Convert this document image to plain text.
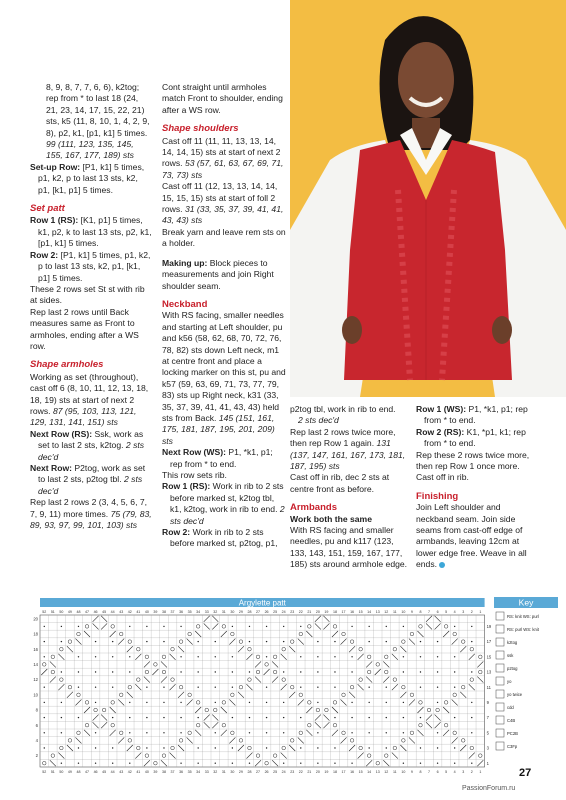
8, 9, 8, 7, 7, 6, 6), k2tog; rep from * to last 18 (24, 21, 23, 14, 17, 15, 22, 21) sts, k5 (11, 8, 10, 1, 4, 2, 9, 8), p2, k1, [p1, k1] 5 times. 99 (111, 123, 135, 145, 155, 167, 177, 189) sts

Set-up Row: [P1, k1] 5 times, p1, k2, p to last 13 sts, k2, p1, [k1, p1] 5 times.

Set patt

Row 1 (RS): [K1, p1] 5 times, k1, p2, k to last 13 sts, p2, k1, [p1, k1] 5 times.

Row 2: [P1, k1] 5 times, p1, k2, p to last 13 sts, k2, p1, [k1, p1] 5 times.

These 2 rows set St st with rib at sides.

Rep last 2 rows until Back measures same as Front to armholes, ending after a WS row.

Shape armholes

Working as set (throughout), cast off 6 (8, 10, 11, 12, 13, 18, 18, 19) sts at start of next 2 rows. 87 (95, 103, 113, 121, 129, 131, 141, 151) sts

Next Row (RS): Ssk, work as set to last 2 sts, k2tog. 2 sts dec'd

Next Row: P2tog, work as set to last 2 sts, p2tog tbl. 2 sts dec'd

Rep last 2 rows 2 (3, 4, 5, 6, 7, 7, 9, 11) more times. 75 (79, 83, 89, 93, 97, 99, 101, 103) sts

Cont straight until armholes match Front to shoulder, ending after a WS row.

Shape shoulders

Cast off 11 (11, 11, 13, 13, 14, 14, 14, 15) sts at start of next 2 rows. 53 (57, 61, 63, 67, 69, 71, 73, 73) sts

Cast off 11 (12, 13, 13, 14, 14, 15, 15, 15) sts at start of foll 2 rows. 31 (33, 35, 37, 39, 41, 41, 43, 43) sts

Break yarn and leave rem sts on a holder.

Making up: Block pieces to measurements and join Right shoulder seam.

Neckband

With RS facing, smaller needles and starting at Left shoulder, pu and k56 (58, 62, 68, 70, 72, 76, 78, 82) sts down Left neck, m1 at centre front and place a locking marker on this st, pu and k57 (59, 63, 69, 71, 73, 77, 79, 83) sts up Right neck, k31 (33, 35, 37, 39, 41, 41, 43, 43) held sts from Back. 145 (151, 161, 175, 181, 187, 195, 201, 209) sts

Next Row (WS): P1, *k1, p1; rep from * to end.

This row sets rib.

Row 1 (RS): Work in rib to 2 sts before marked st, k2tog tbl, k1, k2tog, work in rib to end. 2 sts dec'd

Row 2: Work in rib to 2 sts before marked st, p2tog, p1,

p2tog tbl, work in rib to end.
2 sts dec'd

Rep last 2 rows twice more, then rep Row 1 again. 131 (137, 147, 161, 167, 173, 181, 187, 195) sts

Cast off in rib, dec 2 sts at centre front as before.

Armbands

Work both the same

With RS facing and smaller needles, pu and k117 (123, 133, 143, 151, 159, 167, 177, 185) sts around armhole edge.

Row 1 (WS): P1, *k1, p1; rep from * to end.

Row 2 (RS): K1, *p1, k1; rep from * to end.

Rep these 2 rows twice more, then rep Row 1 once more. Cast off in rib.

Finishing

Join Left shoulder and neckband seam. Join side seams from cast-off edge of armbands, leaving 12cm at lower edge free. Weave in all ends.

Argylette patt
52 51 50 49 48 47 46 45 44 43 42 41 40 39 38 37 36 35 34 33 32 31 30 29 28 27 26 25 24 23 22 21 20 19 18 17 16 15 14 13 12 11 10 9 8 7 6 5 4 3 2 1
20
18
16
14
12
10
8
6
4
2
19
17
15
13
11
9
7
5
3
1
52 51 50 49 48 47 46 45 44 43 42 41 40 39 38 37 36 35 34 33 32 31 30 29 28 27 26 25 24 23 22 21 20 19 18 17 16 15 14 13 12 11 10 9 8 7 6 5 4 3 2 1
Key
RS: knit WS: purl
RS: purl WS: knit
k2tog
ssk
p2tog
yo
yo twice
cdd
C4B
PC2B
C3Fp
27
PassionForum.ru
